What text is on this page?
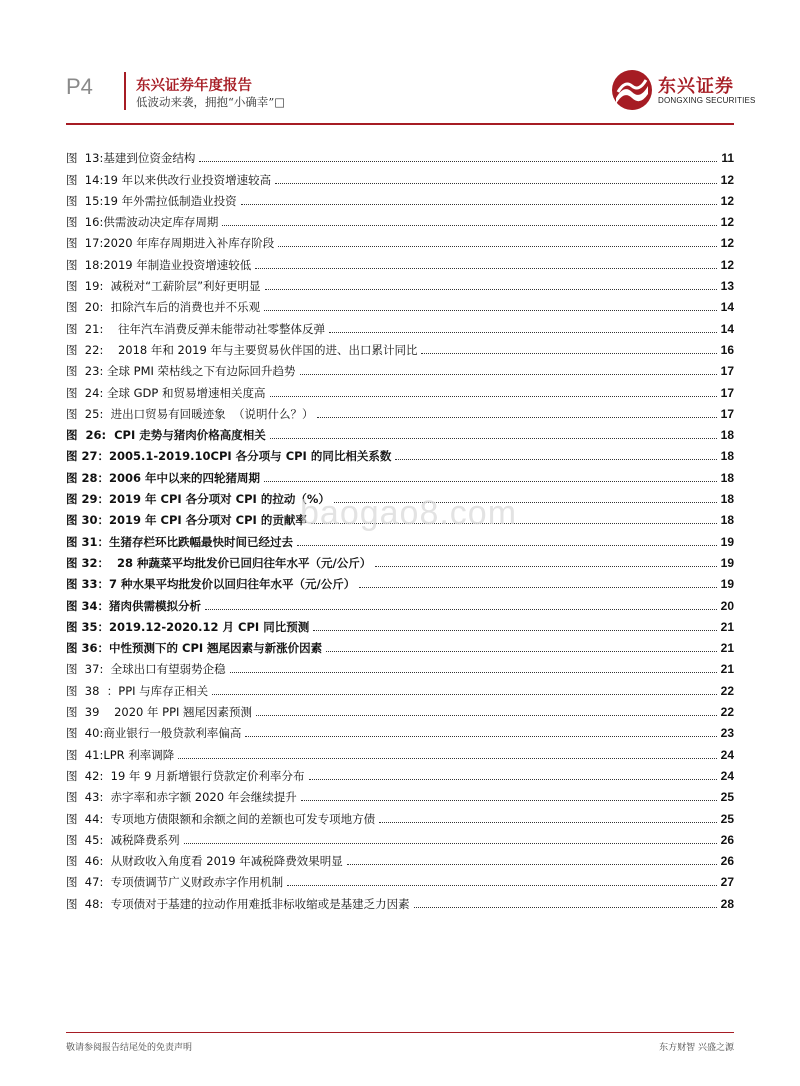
P4	东兴证券年度报告
低波动来袭，拥抱“小确幸”□
东兴证券
DONGXING SECURITIES
图  13:基建到位资金结构	11
图  14:19 年以来供改行业投资增速较高	12
图  15:19 年外需拉低制造业投资	12
图  16:供需波动决定库存周期	12
图  17:2020 年库存周期进入补库存阶段	12
图  18:2019 年制造业投资增速较低	12
图  19:  减税对“工薪阶层”利好更明显	13
图  20:  扣除汽车后的消费也并不乐观	14
图  21:    往年汽车消费反弹未能带动社零整体反弹	14
图  22:    2018 年和 2019 年与主要贸易伙伴国的进、出口累计同比	16
图  23: 全球 PMI 荣枯线之下有边际回升趋势	17
图  24: 全球 GDP 和贸易增速相关度高	17
图  25:  进出口贸易有回暖迹象  （说明什么？）	17
图  26:  CPI 走势与猪肉价格高度相关	18
图 27：2005.1-2019.10CPI 各分项与 CPI 的同比相关系数	18
图 28：2006 年中以来的四轮猪周期	18
图 29：2019 年 CPI 各分项对 CPI 的拉动（%）	18
图 30：2019 年 CPI 各分项对 CPI 的贡献率	18
图 31：生猪存栏环比跌幅最快时间已经过去	19
图 32：  28 种蔬菜平均批发价已回归往年水平（元/公斤）	19
图 33：7 种水果平均批发价以回归往年水平（元/公斤）	19
图 34：猪肉供需模拟分析	20
图 35：2019.12-2020.12 月 CPI 同比预测	21
图 36：中性预测下的 CPI 翘尾因素与新涨价因素	21
图  37:  全球出口有望弱势企稳	21
图  38  ：PPI 与库存正相关	22
图  39    2020 年 PPI 翘尾因素预测	22
图  40:商业银行一般贷款利率偏高	23
图  41:LPR 利率调降	24
图  42:  19 年 9 月新增银行贷款定价利率分布	24
图  43:  赤字率和赤字额 2020 年会继续提升	25
图  44:  专项地方债限额和余额之间的差额也可发专项地方债	25
图  45:  减税降费系列	26
图  46:  从财政收入角度看 2019 年减税降费效果明显	26
图  47:  专项债调节广义财政赤字作用机制	27
图  48:  专项债对于基建的拉动作用难抵非标收缩或是基建乏力因素	28
baogao8.com
敬请参阅报告结尾处的免责声明	东方财智 兴盛之源
